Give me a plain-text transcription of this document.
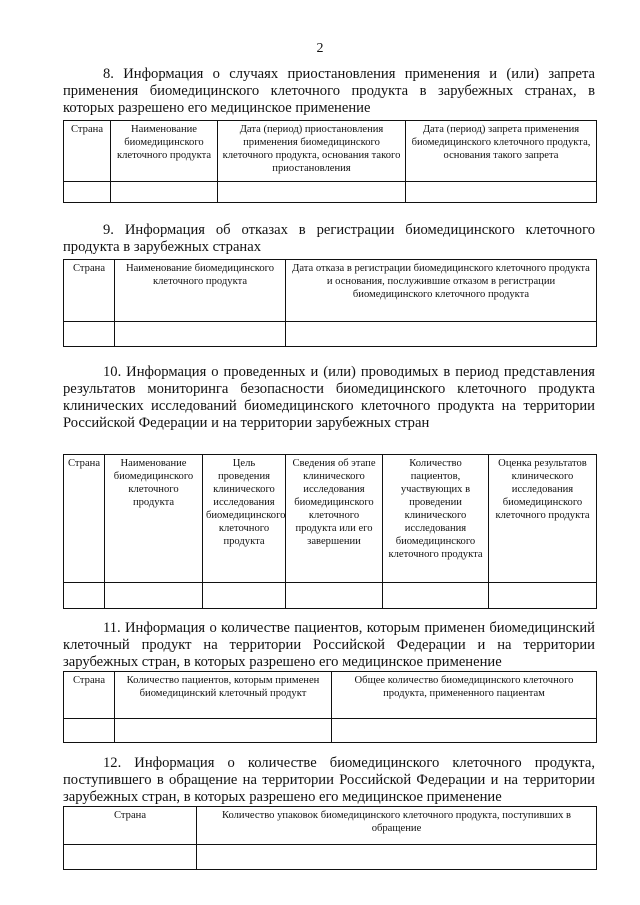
2
8. Информация о случаях приостановления применения и (или) запрета применения биомедицинского клеточного продукта в зарубежных странах, в которых разрешено его медицинское применение
Страна	Наименование биомедицинского клеточного продукта	Дата (период) приостановления применения биомедицинского клеточного продукта, основания такого приостановления	Дата (период) запрета применения биомедицинского клеточного продукта, основания такого запрета

9. Информация об отказах в регистрации биомедицинского клеточного продукта в зарубежных странах
Страна	Наименование биомедицинского клеточного продукта	Дата отказа в регистрации биомедицинского клеточного продукта и основания, послужившие отказом в регистрации биомедицинского клеточного продукта

10. Информация о проведенных и (или) проводимых в период представления результатов мониторинга безопасности биомедицинского клеточного продукта клинических исследований биомедицинского клеточного продукта на территории Российской Федерации и на территории зарубежных стран
Страна	Наименование биомедицинского клеточного продукта	Цель проведения клинического исследования биомедицинского клеточного продукта	Сведения об этапе клинического исследования биомедицинского клеточного продукта или его завершении	Количество пациентов, участвующих в проведении клинического исследования биомедицинского клеточного продукта	Оценка результатов клинического исследования биомедицинского клеточного продукта

11. Информация о количестве пациентов, которым применен биомедицинский клеточный продукт на территории Российской Федерации и на территории зарубежных стран, в которых разрешено его медицинское применение
Страна	Количество пациентов, которым применен биомедицинский клеточный продукт	Общее количество биомедицинского клеточного продукта, примененного пациентам

12. Информация о количестве биомедицинского клеточного продукта, поступившего в обращение на территории Российской Федерации и на территории зарубежных стран, в которых разрешено его медицинское применение
Страна	Количество упаковок биомедицинского клеточного продукта, поступивших в обращение
